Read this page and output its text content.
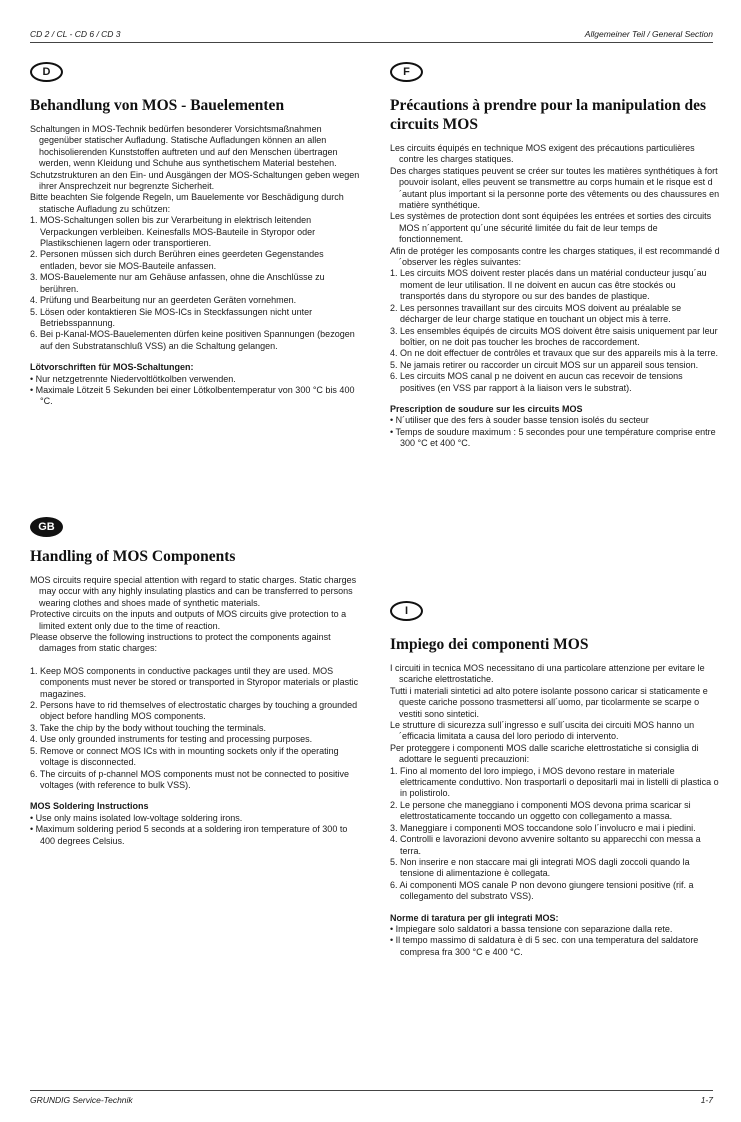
CD 2 / CL - CD 6 / CD 3	Allgemeiner Teil / General Section
D
Behandlung von MOS - Bauelementen

Schaltungen in MOS-Technik bedürfen besonderer Vorsichtsmaßnahmen gegenüber statischer Aufladung. Statische Aufladungen können an allen hochisolierenden Kunststoffen auftreten und auf den Menschen übertragen werden, wenn Kleidung und Schuhe aus synthetischem Material bestehen.

Schutzstrukturen an den Ein- und Ausgängen der MOS-Schaltungen geben wegen ihrer Ansprechzeit nur begrenzte Sicherheit.

Bitte beachten Sie folgende Regeln, um Bauelemente vor Beschädigung durch statische Aufladung zu schützen:

1. MOS-Schaltungen sollen bis zur Verarbeitung in elektrisch leitenden Verpackungen verbleiben. Keinesfalls MOS-Bauteile in Styropor oder Plastikschienen lagern oder transportieren.
2. Personen müssen sich durch Berühren eines geerdeten Gegenstandes entladen, bevor sie MOS-Bauteile anfassen.
3. MOS-Bauelemente nur am Gehäuse anfassen, ohne die Anschlüsse zu berühren.
4. Prüfung und Bearbeitung nur an geerdeten Geräten vornehmen.
5. Lösen oder kontaktieren Sie MOS-ICs in Steckfassungen nicht unter Betriebsspannung.
6. Bei p-Kanal-MOS-Bauelementen dürfen keine positiven Spannungen (bezogen auf den Substratanschluß VSS) an die Schaltung gelangen.
Lötvorschriften für MOS-Schaltungen:
• Nur netzgetrennte Niedervoltlötkolben verwenden.
• Maximale Lötzeit 5 Sekunden bei einer Lötkolbentemperatur von 300 °C bis 400 °C.
GB
Handling of MOS Components

MOS circuits require special attention with regard to static charges. Static charges may occur with any highly insulating plastics and can be transferred to persons wearing clothes and shoes made of synthetic materials.

Protective circuits on the inputs and outputs of MOS circuits give protection to a limited extent only due to the time of reaction.

Please observe the following instructions to protect the components against damages from static charges:

1. Keep MOS components in conductive packages until they are used. MOS components must never be stored or transported in Styropor materials or plastic magazines.
2. Persons have to rid themselves of electrostatic charges by touching a grounded object before handling MOS components.
3. Take the chip by the body without touching the terminals.
4. Use only grounded instruments for testing and processing purposes.
5. Remove or connect MOS ICs with in mounting sockets only if the operating voltage is disconnected.
6. The circuits of p-channel MOS components must not be connected to positive voltages (with reference to bulk VSS).
MOS Soldering Instructions
• Use only mains isolated low-voltage soldering irons.
• Maximum soldering period 5 seconds at a soldering iron temperature of 300 to 400 degrees Celsius.
F
Précautions à prendre pour la manipulation des circuits MOS

Les circuits équipés en technique MOS exigent des précautions particulières contre les charges statiques.

Des charges statiques peuvent se créer sur toutes les matières synthétiques à fort pouvoir isolant, elles peuvent se transmettre au corps humain et le risque est d´autant plus important si la personne porte des vêtements ou des chaussures en matière synthétique.

Les systèmes de protection dont sont équipées les entrées et sorties des circuits MOS n´apportent qu´une sécurité limitée du fait de leur temps de fonctionnement.

Afin de protéger les composants contre les charges statiques, il est recommandé d´observer les règles suivantes:

1. Les circuits MOS doivent rester placés dans un matérial conducteur jusqu´au moment de leur utilisation. Il ne doivent en aucun cas être stockés ou transportés dans du styropore ou sur des bandes de plastique.
2. Les personnes travaillant sur des circuits MOS doivent au préalable se décharger de leur charge statique en touchant un object mis à terre.
3. Les ensembles équipés de circuits MOS doivent être saisis uniquement par leur boîtier, on ne doit pas toucher les broches de raccordement.
4. On ne doit effectuer de contrôles et travaux que sur des appareils mis à la terre.
5. Ne jamais retirer ou raccorder un circuit MOS sur un appareil sous tension.
6. Les circuits MOS canal p ne doivent en aucun cas recevoir de tensions positives (en VSS par rapport à la liaison vers le substrat).
Prescription de soudure sur les circuits MOS
• N´utiliser que des fers à souder basse tension isolés du secteur
• Temps de soudure maximum : 5 secondes pour une température comprise entre 300 °C et 400 °C.
I
Impiego dei componenti MOS

I circuiti in tecnica MOS necessitano di una particolare attenzione per evitare le scariche elettrostatiche.

Tutti i materiali sintetici ad alto potere isolante possono caricar si staticamente e queste cariche possono trasmettersi all´uomo, par ticolarmente se scarpe o vestiti sono sintetici.

Le strutture di sicurezza sull´ingresso e sull´uscita dei circuiti MOS hanno un´efficacia limitata a causa del loro periodo di intervento.

Per proteggere i componenti MOS dalle scariche elettrostatiche si consiglia di adottare le seguenti precauzioni:

1. Fino al momento del loro impiego, i MOS devono restare in materiale elettricamente conduttivo. Non trasportarli o depositarli mai in listelli di plastica o in polistirolo.
2. Le persone che maneggiano i componenti MOS devona prima scaricar si elettrostaticamente toccando un oggetto con collegamento a massa.
3. Maneggiare i componenti MOS toccandone solo l´involucro e mai i piedini.
4. Controlli e lavorazioni devono avvenire soltanto su apparecchi con messa a terra.
5. Non inserire e non staccare mai gli integrati MOS dagli zoccoli quando la tensione di alimentazione è collegata.
6. Ai componenti MOS canale P non devono giungere tensioni positive (rif. a collegamento del substrato VSS).
Norme di taratura per gli integrati MOS:
• Impiegare solo saldatori a bassa tensione con separazione dalla rete.
• Il tempo massimo di saldatura è di 5 sec. con una temperatura del saldatore compresa fra 300 °C e 400 °C.
GRUNDIG Service-Technik	1-7
